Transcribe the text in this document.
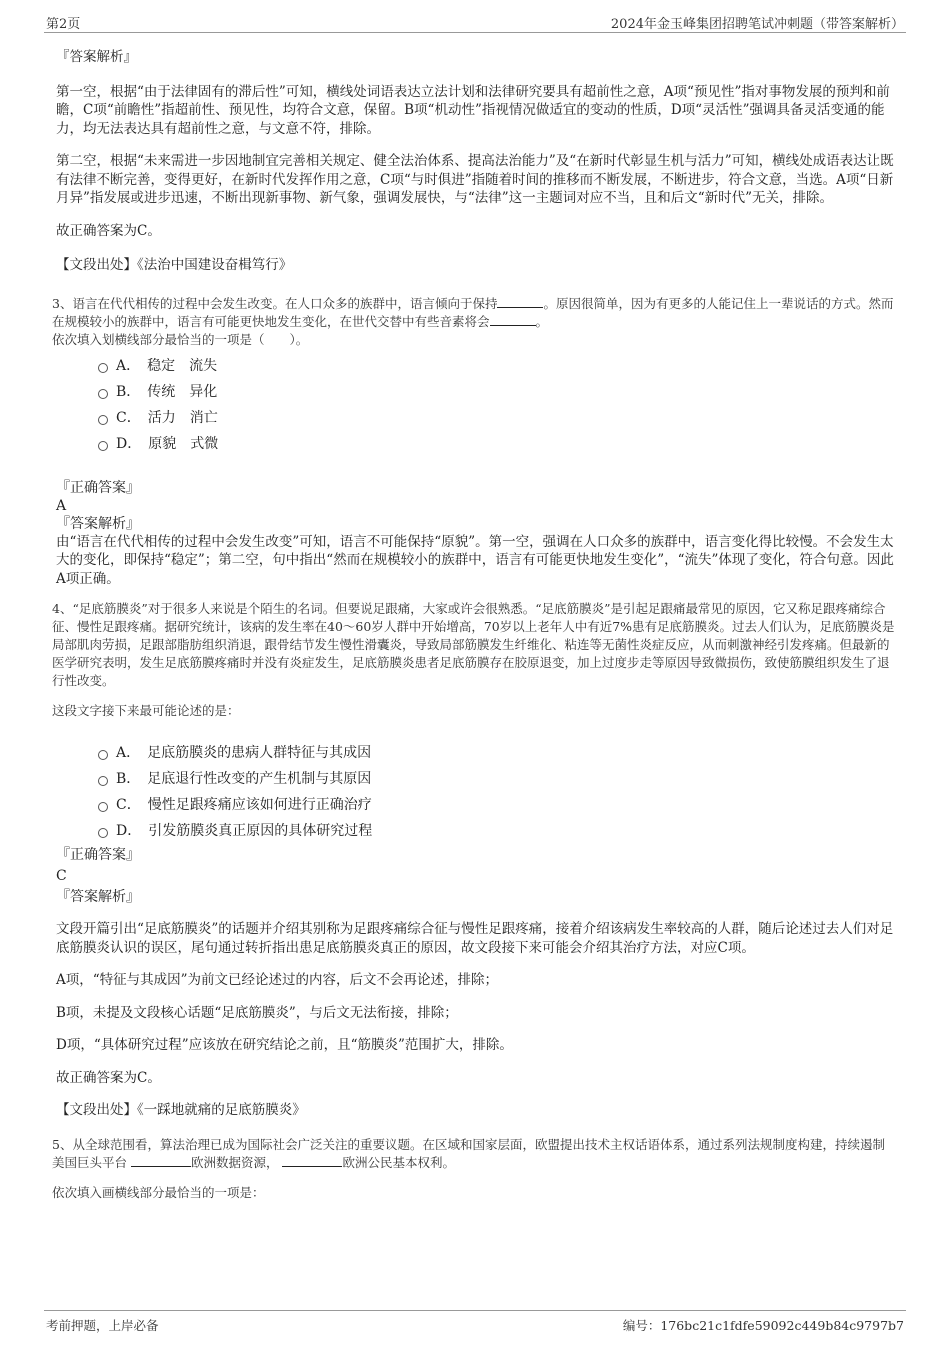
第2页	2024年金玉峰集团招聘笔试冲刺题（带答案解析）

『答案解析』

第一空，根据“由于法律固有的滞后性”可知，横线处词语表达立法计划和法律研究要具有超前性之意，A项“预见性”指对事物发展的预判和前瞻，C项“前瞻性”指超前性、预见性，均符合文意，保留。B项“机动性”指视情况做适宜的变动的性质，D项“灵活性”强调具备灵活变通的能力，均无法表达具有超前性之意，与文意不符，排除。

第二空，根据“未来需进一步因地制宜完善相关规定、健全法治体系、提高法治能力”及“在新时代彰显生机与活力”可知，横线处成语表达让既有法律不断完善，变得更好，在新时代发挥作用之意，C项“与时俱进”指随着时间的推移而不断发展，不断进步，符合文意，当选。A项“日新月异”指发展或进步迅速，不断出现新事物、新气象，强调发展快，与“法律”这一主题词对应不当，且和后文“新时代”无关，排除。

故正确答案为C。

【文段出处】《法治中国建设奋楫笃行》

3、语言在代代相传的过程中会发生改变。在人口众多的族群中，语言倾向于保持	。原因很简单，因为有更多的人能记住上一辈说话的方式。然而在规模较小的族群中，语言有可能更快地发生变化，在世代交替中有些音素将会	。

依次填入划横线部分最恰当的一项是（　　）。

A．　 稳定　流失
B．　 传统　异化
C．　 活力　消亡
D．　 原貌　式微

『正确答案』

A

『答案解析』

由“语言在代代相传的过程中会发生改变”可知，语言不可能保持“原貌”。第一空，强调在人口众多的族群中，语言变化得比较慢。不会发生太大的变化，即保持“稳定”；第二空，句中指出“然而在规模较小的族群中，语言有可能更快地发生变化”，“流失”体现了变化，符合句意。因此A项正确。

4、“足底筋膜炎”对于很多人来说是个陌生的名词。但要说足跟痛，大家或许会很熟悉。“足底筋膜炎”是引起足跟痛最常见的原因，它又称足跟疼痛综合征、慢性足跟疼痛。据研究统计，该病的发生率在40～60岁人群中开始增高，70岁以上老年人中有近7%患有足底筋膜炎。过去人们认为，足底筋膜炎是局部肌肉劳损，足跟部脂肪组织消退，跟骨结节发生慢性滑囊炎，导致局部筋膜发生纤维化、粘连等无菌性炎症反应，从而刺激神经引发疼痛。但最新的医学研究表明，发生足底筋膜疼痛时并没有炎症发生，足底筋膜炎患者足底筋膜存在胶原退变，加上过度步走等原因导致微损伤，致使筋膜组织发生了退行性改变。

这段文字接下来最可能论述的是：

A．　 足底筋膜炎的患病人群特征与其成因
B．　 足底退行性改变的产生机制与其原因
C．　 慢性足跟疼痛应该如何进行正确治疗
D．　 引发筋膜炎真正原因的具体研究过程

『正确答案』

C

『答案解析』

文段开篇引出“足底筋膜炎”的话题并介绍其别称为足跟疼痛综合征与慢性足跟疼痛，接着介绍该病发生率较高的人群，随后论述过去人们对足底筋膜炎认识的误区，尾句通过转折指出患足底筋膜炎真正的原因，故文段接下来可能会介绍其治疗方法，对应C项。

A项，“特征与其成因”为前文已经论述过的内容，后文不会再论述，排除；

B项，未提及文段核心话题“足底筋膜炎”，与后文无法衔接，排除；

D项，“具体研究过程”应该放在研究结论之前，且“筋膜炎”范围扩大，排除。

故正确答案为C。

【文段出处】《一踩地就痛的足底筋膜炎》

5、从全球范围看，算法治理已成为国际社会广泛关注的重要议题。在区域和国家层面，欧盟提出技术主权话语体系，通过系列法规制度构建，持续遏制美国巨头平台	欧洲数据资源，	欧洲公民基本权利。

依次填入画横线部分最恰当的一项是：

考前押题，上岸必备	编号：176bc21c1fdfe59092c449b84c9797b7
